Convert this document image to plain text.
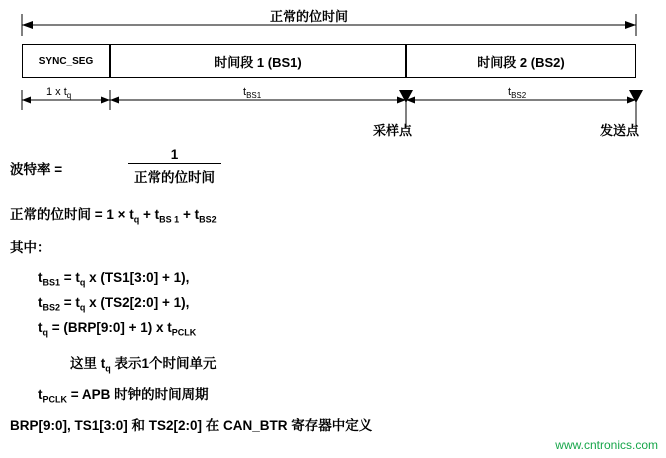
正常的位时间
SYNC_SEG	时间段 1 (BS1)	时间段 2 (BS2)
1 x $t_q$	$t_{BS1}$	$t_{BS2}$
采样点	发送点
波特率 =
1
正常的位时间
正常的位时间 = $1 \times t_q + t_{BS 1} + t_{BS2}$
其中：
$t_{BS1} = t_q$ x (TS1[3:0] + 1),
$t_{BS2} = t_q$ x (TS2[2:0] + 1),
$t_q$ = (BRP[9:0] + 1) x $t_{PCLK}$
这里 $t_q$ 表示1个时间单元
$t_{PCLK}$ = APB 时钟的时间周期
BRP[9:0], TS1[3:0] 和 TS2[2:0] 在 CAN_BTR 寄存器中定义
www.cntronics.com
